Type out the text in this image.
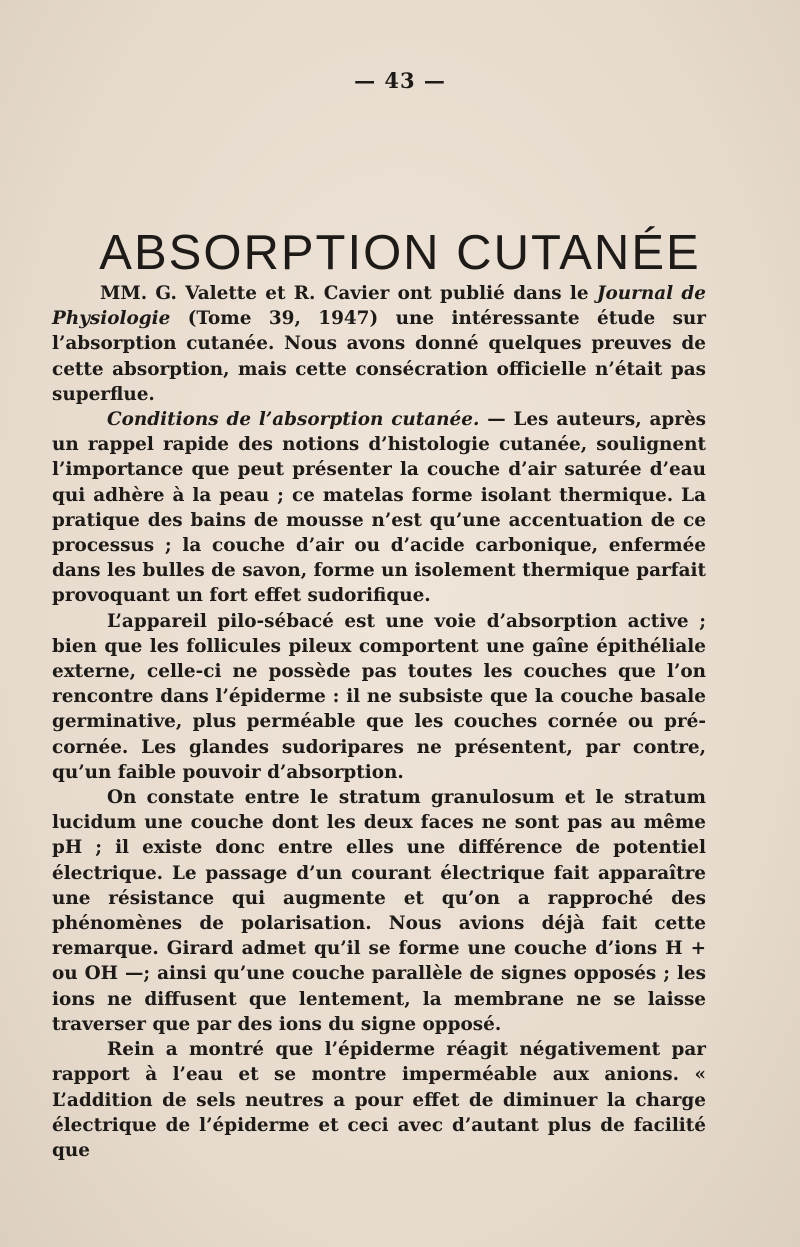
— 43 —
ABSORPTION CUTANÉE

MM. G. Valette et R. Cavier ont publié dans le Journal de Physiologie (Tome 39, 1947) une intéressante étude sur l’absorption cutanée. Nous avons donné quelques preuves de cette absorption, mais cette consécration officielle n’était pas superflue.

Conditions de l’absorption cutanée. — Les auteurs, après un rappel rapide des notions d’histologie cutanée, soulignent l’importance que peut présenter la couche d’air saturée d’eau qui adhère à la peau ; ce matelas forme isolant thermique. La pratique des bains de mousse n’est qu’une accentuation de ce processus ; la couche d’air ou d’acide carbonique, enfermée dans les bulles de savon, forme un isolement thermique parfait provoquant un fort effet sudorifique.

L’appareil pilo-sébacé est une voie d’absorption active ; bien que les follicules pileux comportent une gaîne épithéliale externe, celle-ci ne possède pas toutes les couches que l’on rencontre dans l’épiderme : il ne subsiste que la couche basale germinative, plus perméable que les couches cornée ou pré-cornée. Les glandes sudoripares ne présentent, par contre, qu’un faible pouvoir d’absorption.

On constate entre le stratum granulosum et le stratum lucidum une couche dont les deux faces ne sont pas au même pH ; il existe donc entre elles une différence de potentiel électrique. Le passage d’un courant électrique fait apparaître une résistance qui augmente et qu’on a rapproché des phénomènes de polarisation. Nous avions déjà fait cette remarque. Girard admet qu’il se forme une couche d’ions H + ou OH —; ainsi qu’une couche parallèle de signes opposés ; les ions ne diffusent que lentement, la membrane ne se laisse traverser que par des ions du signe opposé.

Rein a montré que l’épiderme réagit négativement par rapport à l’eau et se montre imperméable aux anions. « L’addition de sels neutres a pour effet de diminuer la charge électrique de l’épiderme et ceci avec d’autant plus de facilité que
